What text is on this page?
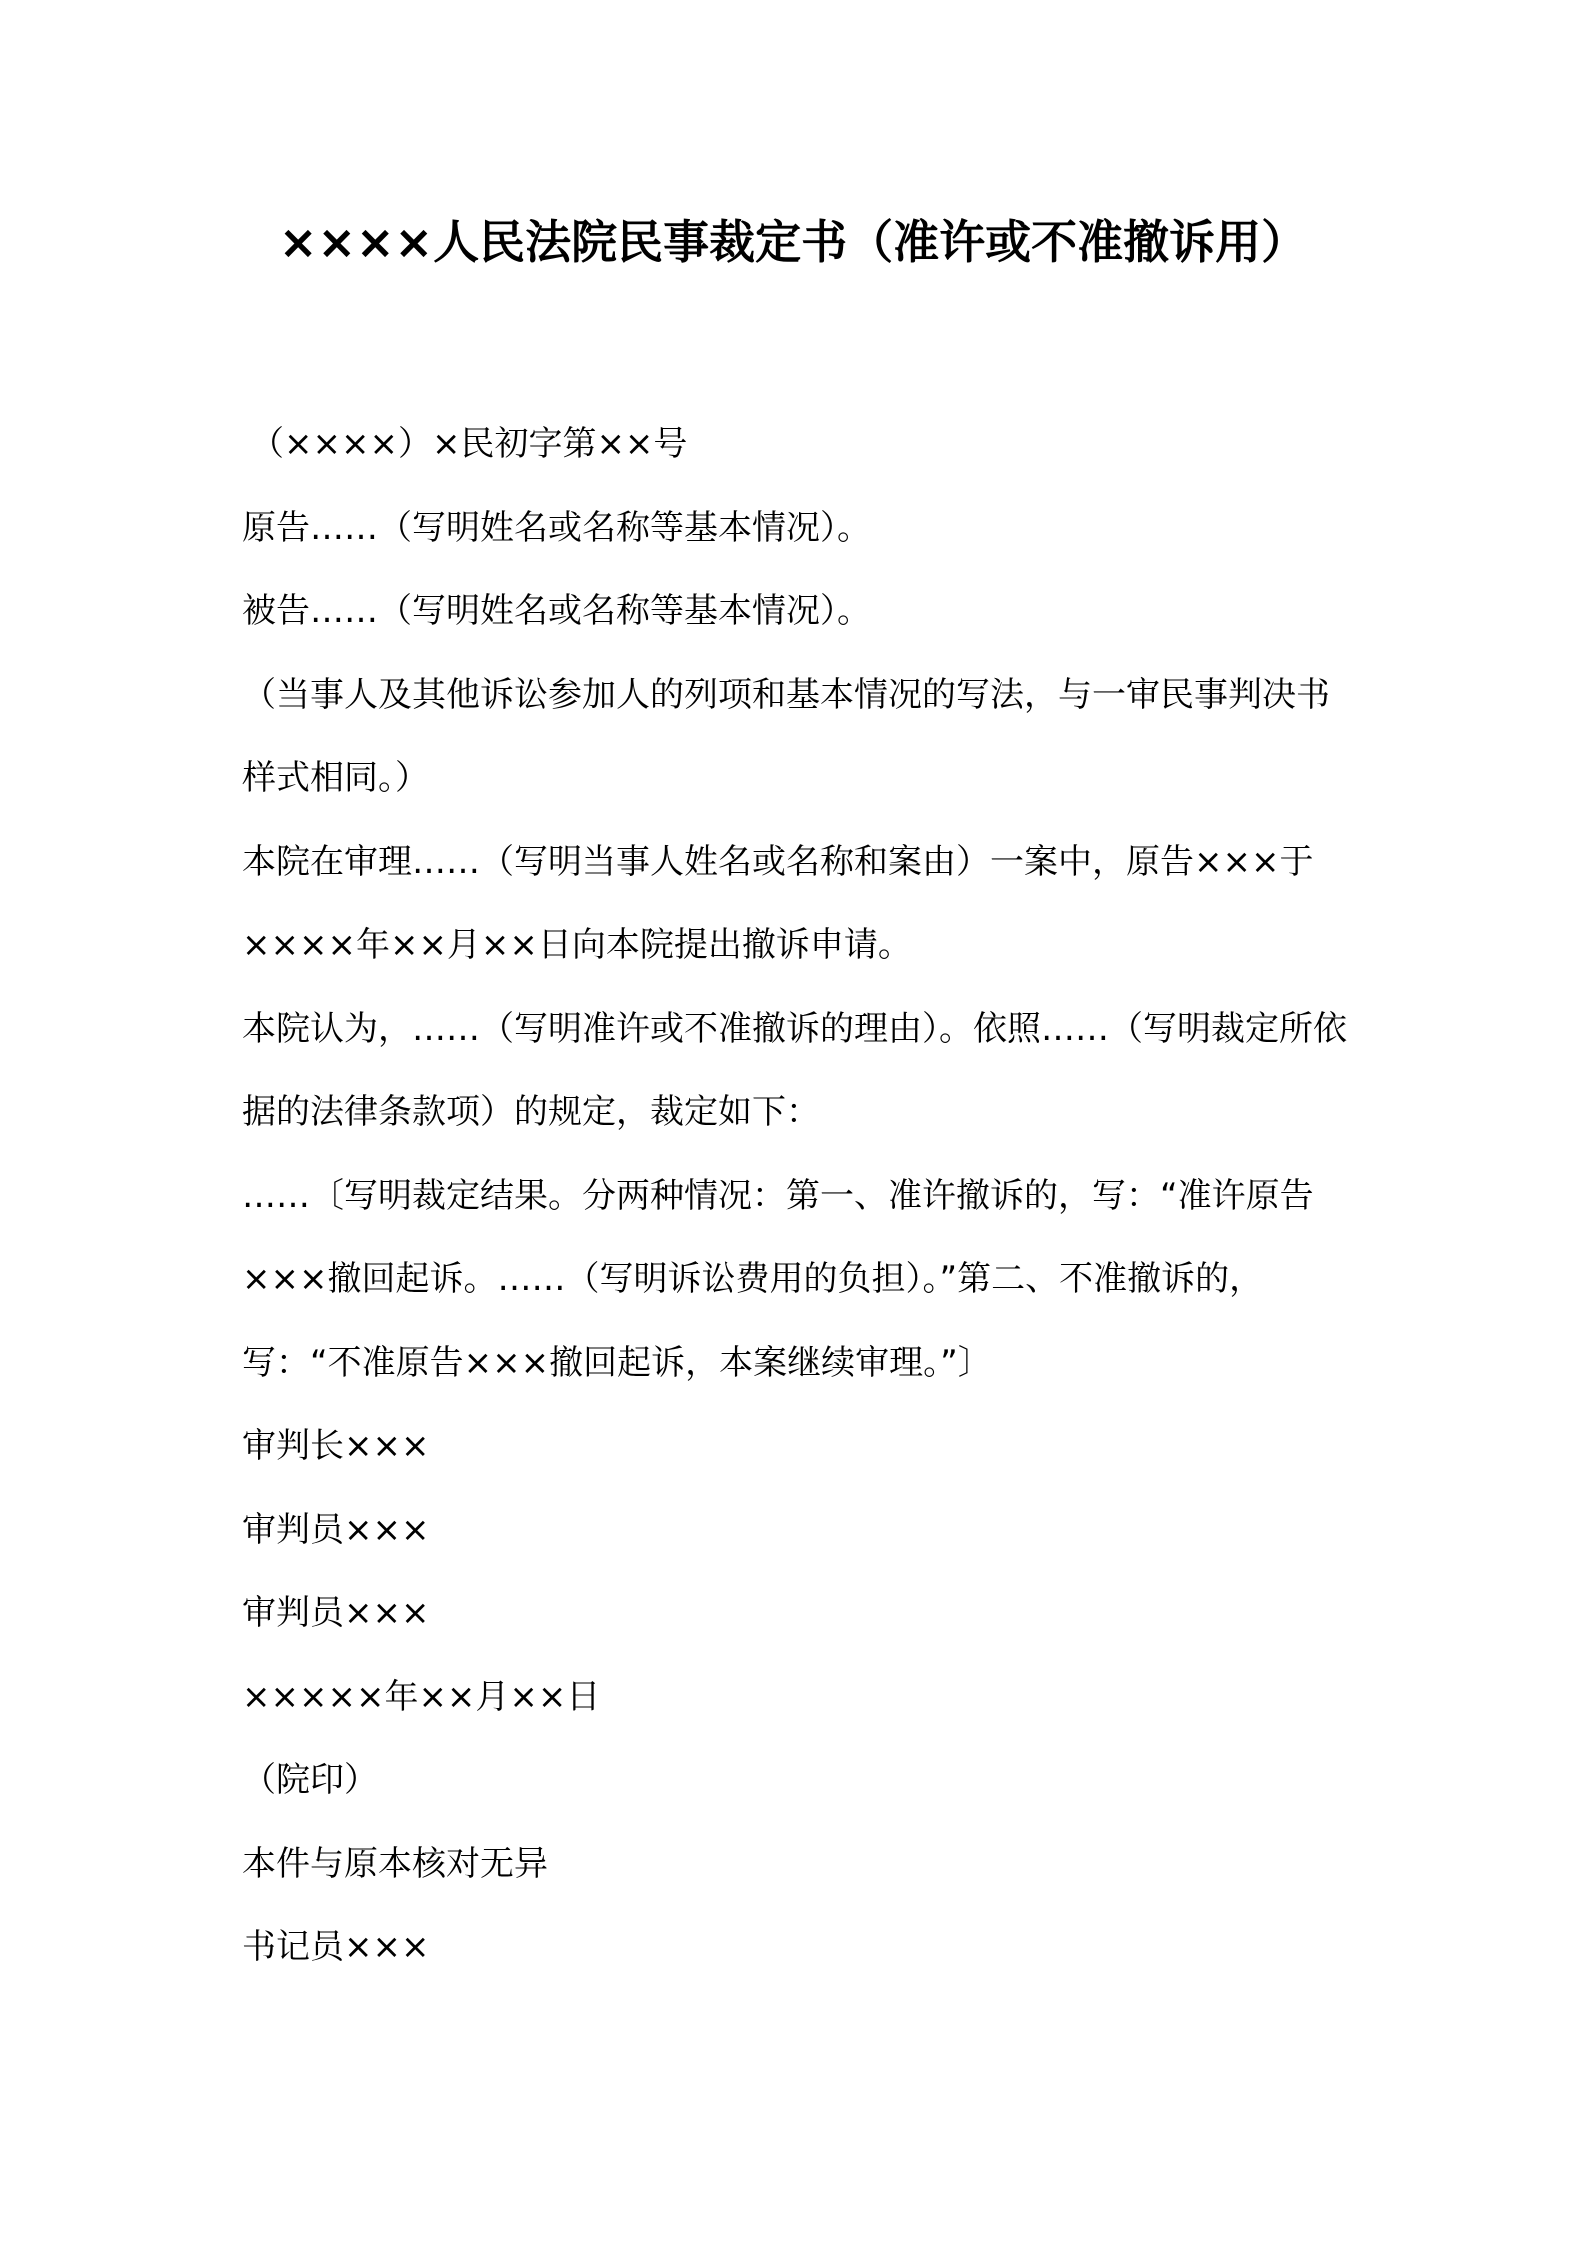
××××人民法院民事裁定书（准许或不准撤诉用）

（××××）×民初字第××号

原告……（写明姓名或名称等基本情况）。

被告……（写明姓名或名称等基本情况）。

（当事人及其他诉讼参加人的列项和基本情况的写法，与一审民事判决书样式相同。）

本院在审理……（写明当事人姓名或名称和案由）一案中，原告×××于××××年××月××日向本院提出撤诉申请。

本院认为，……（写明准许或不准撤诉的理由）。依照……（写明裁定所依据的法律条款项）的规定，裁定如下：

……〔写明裁定结果。分两种情况：第一、准许撤诉的，写：“准许原告×××撤回起诉。……（写明诉讼费用的负担）。”第二、不准撤诉的，写：“不准原告×××撤回起诉，本案继续审理。”〕

审判长×××

审判员×××

审判员×××

×××××年××月××日

（院印）

本件与原本核对无异

书记员×××
